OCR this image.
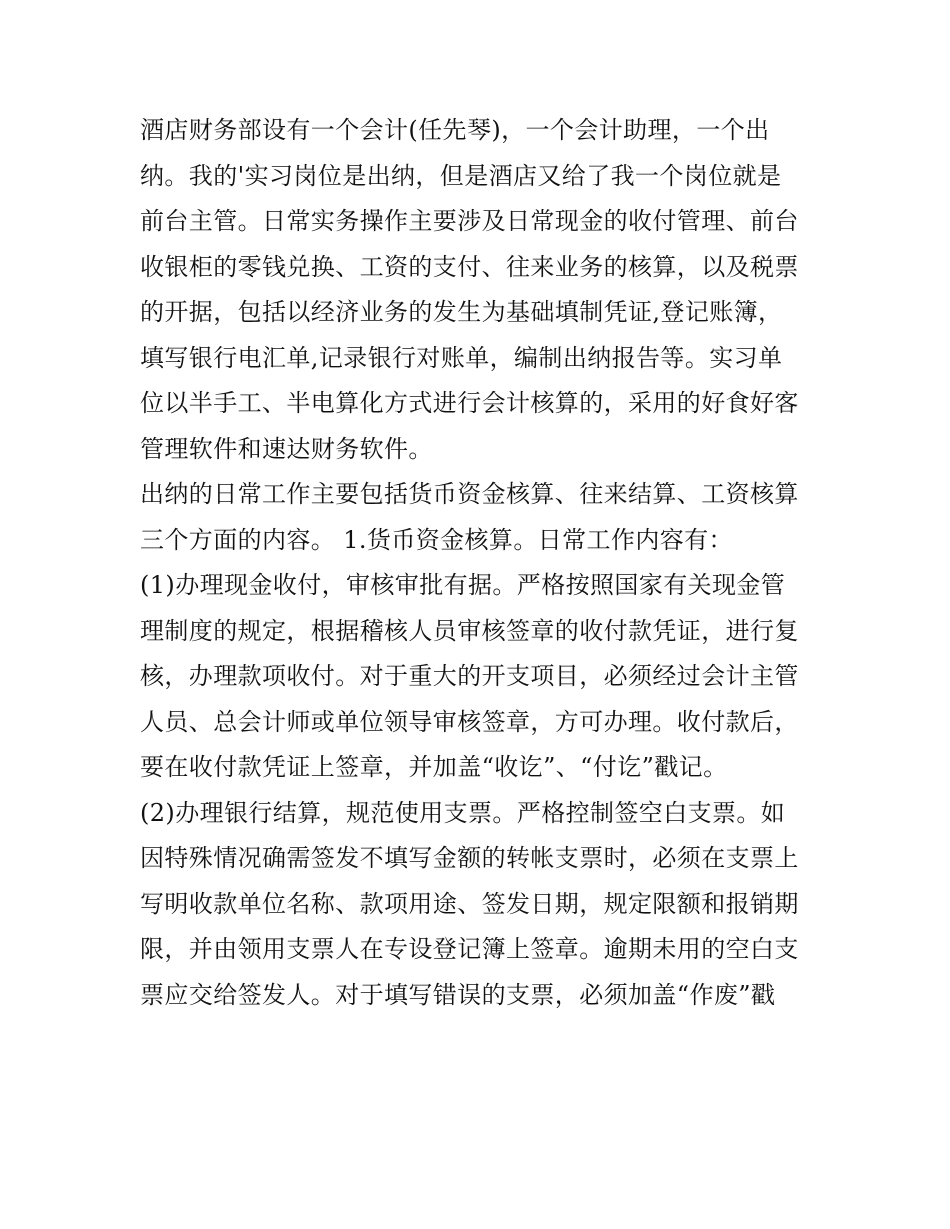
酒店财务部设有一个会计(任先琴)，一个会计助理，一个出
纳。我的'实习岗位是出纳，但是酒店又给了我一个岗位就是
前台主管。日常实务操作主要涉及日常现金的收付管理、前台
收银柜的零钱兑换、工资的支付、往来业务的核算，以及税票
的开据，包括以经济业务的发生为基础填制凭证,登记账簿，
填写银行电汇单,记录银行对账单，编制出纳报告等。实习单
位以半手工、半电算化方式进行会计核算的，采用的好食好客
管理软件和速达财务软件。
出纳的日常工作主要包括货币资金核算、往来结算、工资核算
三个方面的内容。 1.货币资金核算。日常工作内容有：
(1)办理现金收付，审核审批有据。严格按照国家有关现金管
理制度的规定，根据稽核人员审核签章的收付款凭证，进行复
核，办理款项收付。对于重大的开支项目，必须经过会计主管
人员、总会计师或单位领导审核签章，方可办理。收付款后，
要在收付款凭证上签章，并加盖“收讫”、“付讫”戳记。
(2)办理银行结算，规范使用支票。严格控制签空白支票。如
因特殊情况确需签发不填写金额的转帐支票时，必须在支票上
写明收款单位名称、款项用途、签发日期，规定限额和报销期
限，并由领用支票人在专设登记簿上签章。逾期未用的空白支
票应交给签发人。对于填写错误的支票，必须加盖“作废”戳
